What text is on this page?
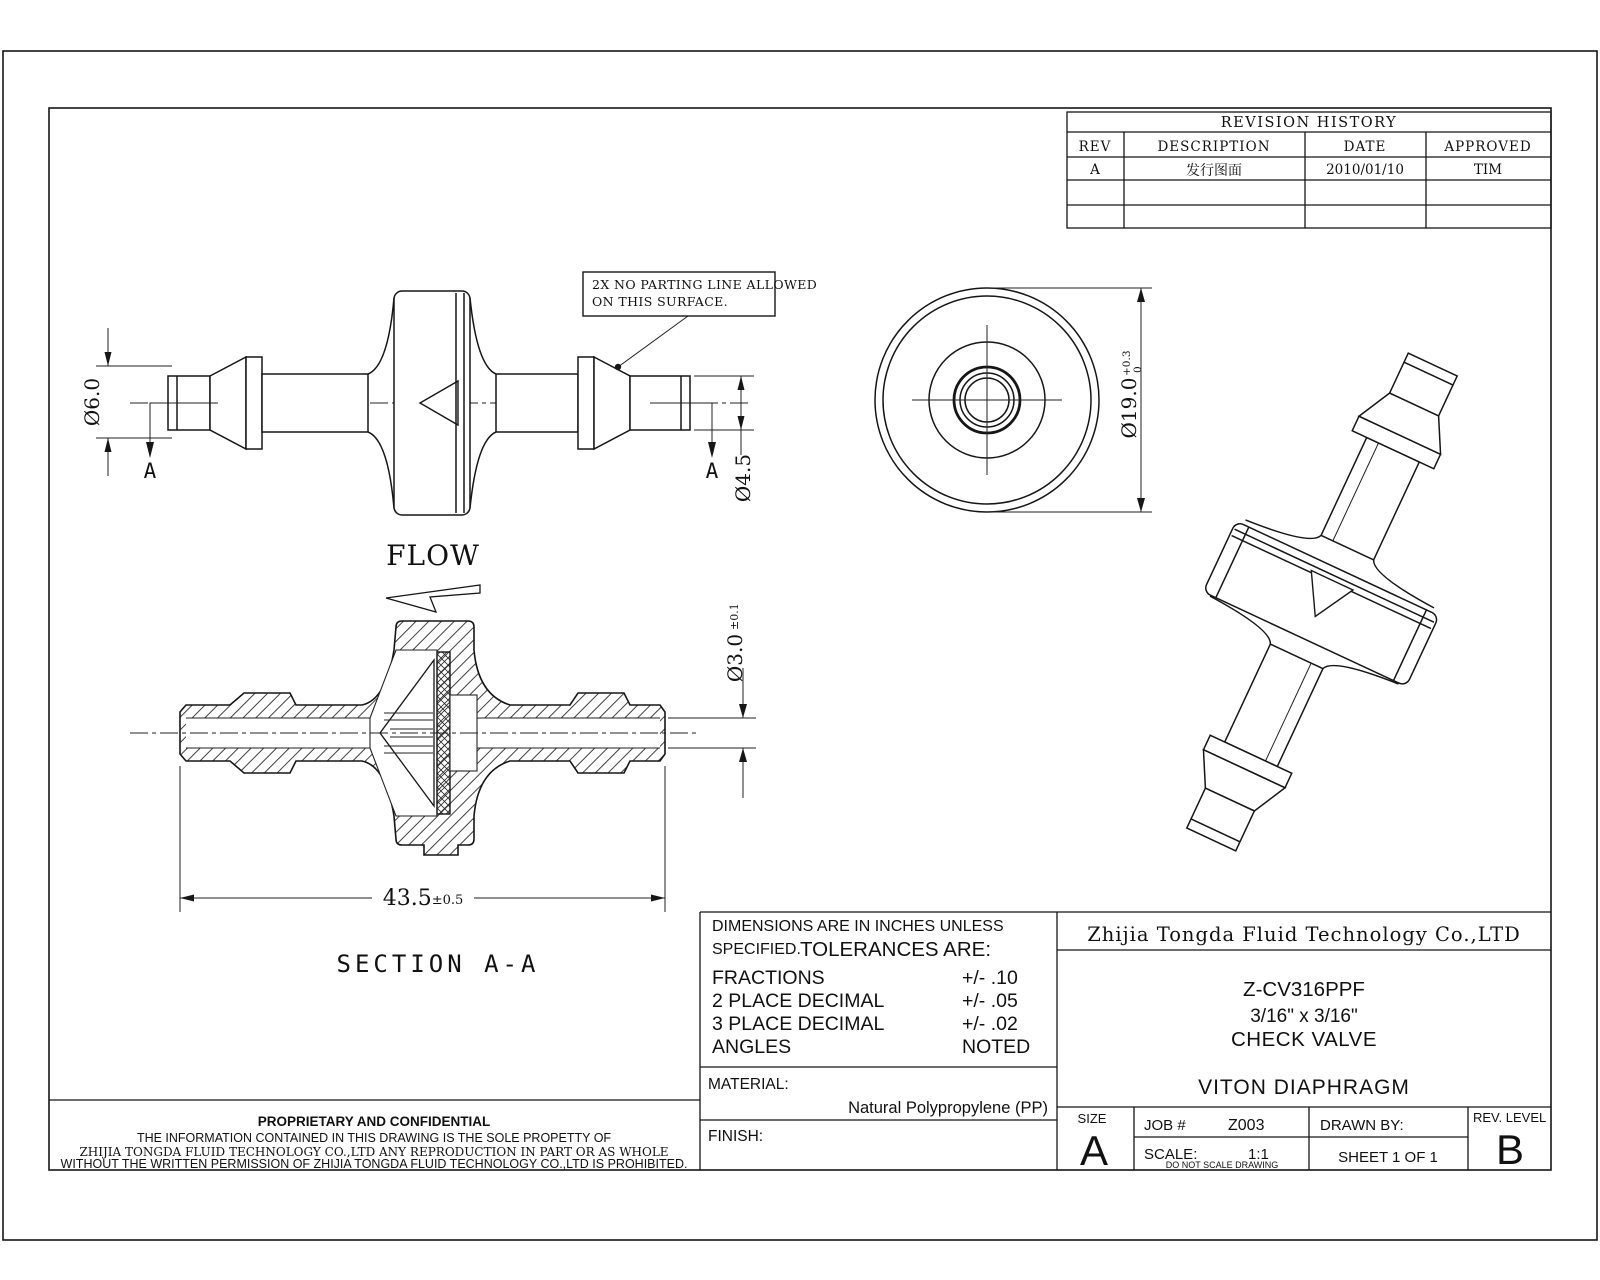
REVISION HISTORY
REV	DESCRIPTION	DATE	APPROVED
A	发行图面	2010/01/10	TIM
2X NO PARTING LINE ALLOWED
ON THIS SURFACE.
Ø6.0
A	A Ø4.5
Ø19.0
+0.3 0
FLOW
Ø3.0
±0.1
43.5±0.5
SECTION A-A
DIMENSIONS ARE IN INCHES UNLESS
SPECIFIED. TOLERANCES ARE:
FRACTIONS	+/- .10
2 PLACE DECIMAL	+/- .05
3 PLACE DECIMAL	+/- .02
ANGLES	NOTED
MATERIAL:
Natural Polypropylene (PP)
FINISH:
Zhijia Tongda Fluid Technology Co.,LTD
Z-CV316PPF
3/16" x 3/16"
CHECK VALVE
VITON DIAPHRAGM
SIZE
A
JOB #	Z003
SCALE:	1:1
DO NOT SCALE DRAWING
DRAWN BY:
SHEET 1 OF 1
REV. LEVEL
B
PROPRIETARY AND CONFIDENTIAL
THE INFORMATION CONTAINED IN THIS DRAWING IS THE SOLE PROPETTY OF
ZHIJIA TONGDA FLUID TECHNOLOGY CO.,LTD ANY REPRODUCTION IN PART OR AS WHOLE
WITHOUT THE WRITTEN PERMISSION OF ZHIJIA TONGDA FLUID TECHNOLOGY CO.,LTD IS PROHIBITED.
